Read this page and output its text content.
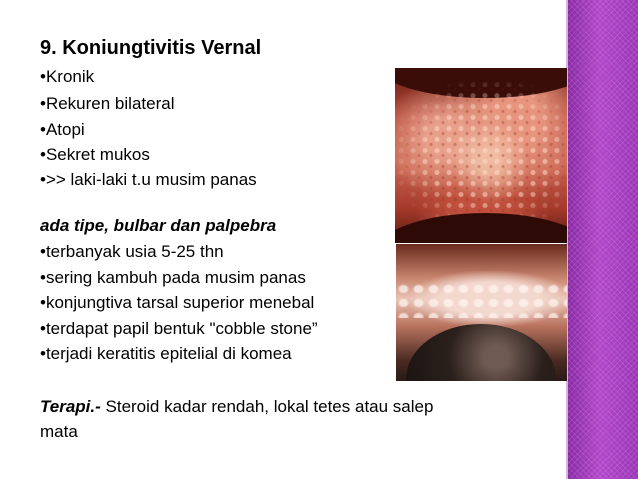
9. Koniungtivitis Vernal
•Kronik
•Rekuren bilateral
•Atopi
•Sekret mukos
•>> laki-laki t.u musim panas
ada tipe, bulbar dan palpebra
•terbanyak usia 5-25 thn
•sering kambuh pada musim panas
•konjungtiva tarsal superior menebal
•terdapat papil bentuk "cobble stone”
•terjadi keratitis epitelial di komea
Terapi.- Steroid kadar rendah, lokal tetes atau salep
mata
